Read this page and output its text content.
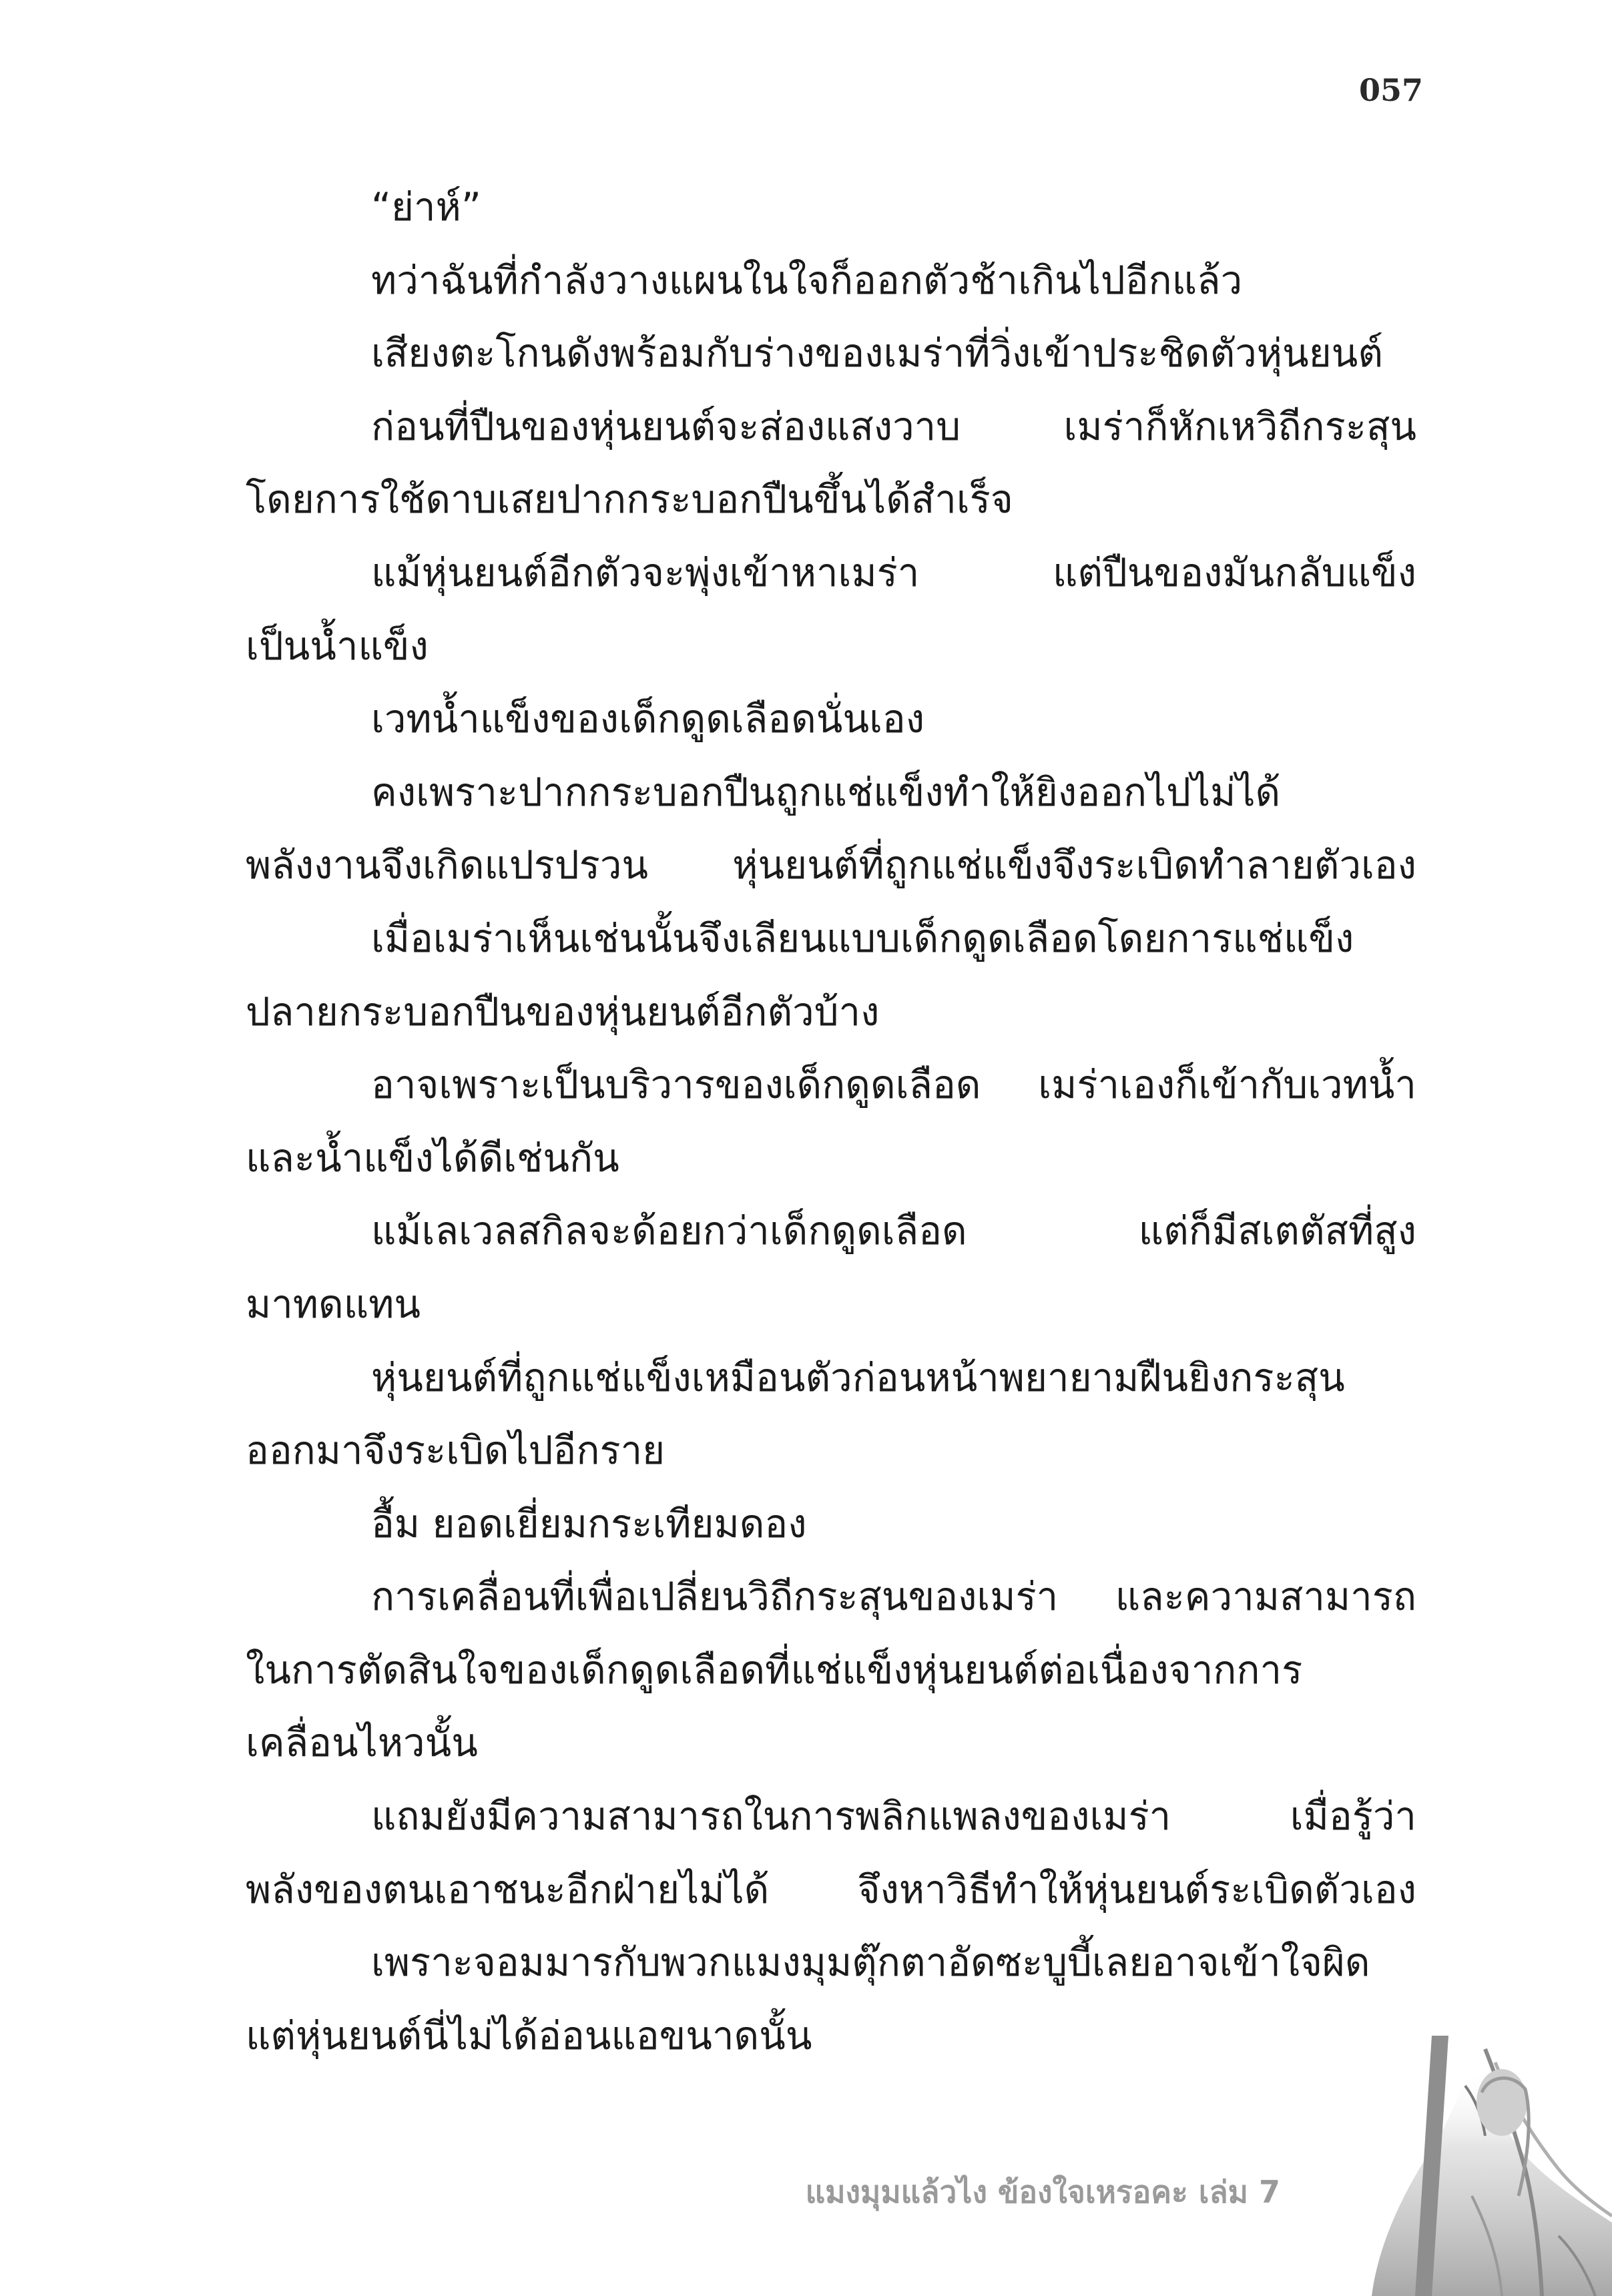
057
“ย่าห์”
ทว่าฉันที่กำลังวางแผนในใจก็ออกตัวช้าเกินไปอีกแล้ว
เสียงตะโกนดังพร้อมกับร่างของเมร่าที่วิ่งเข้าประชิดตัวหุ่นยนต์
ก่อนที่ปืนของหุ่นยนต์จะส่องแสงวาบ เมร่าก็หักเหวิถีกระสุน
โดยการใช้ดาบเสยปากกระบอกปืนขึ้นได้สำเร็จ
แม้หุ่นยนต์อีกตัวจะพุ่งเข้าหาเมร่า แต่ปืนของมันกลับแข็ง
เป็นน้ำแข็ง
เวทน้ำแข็งของเด็กดูดเลือดนั่นเอง
คงเพราะปากกระบอกปืนถูกแช่แข็งทำให้ยิงออกไปไม่ได้
พลังงานจึงเกิดแปรปรวน หุ่นยนต์ที่ถูกแช่แข็งจึงระเบิดทำลายตัวเอง
เมื่อเมร่าเห็นเช่นนั้นจึงเลียนแบบเด็กดูดเลือดโดยการแช่แข็ง
ปลายกระบอกปืนของหุ่นยนต์อีกตัวบ้าง
อาจเพราะเป็นบริวารของเด็กดูดเลือด เมร่าเองก็เข้ากับเวทน้ำ
และน้ำแข็งได้ดีเช่นกัน
แม้เลเวลสกิลจะด้อยกว่าเด็กดูดเลือด แต่ก็มีสเตตัสที่สูง
มาทดแทน
หุ่นยนต์ที่ถูกแช่แข็งเหมือนตัวก่อนหน้าพยายามฝืนยิงกระสุน
ออกมาจึงระเบิดไปอีกราย
อื้ม ยอดเยี่ยมกระเทียมดอง
การเคลื่อนที่เพื่อเปลี่ยนวิถีกระสุนของเมร่า และความสามารถ
ในการตัดสินใจของเด็กดูดเลือดที่แช่แข็งหุ่นยนต์ต่อเนื่องจากการ
เคลื่อนไหวนั้น
แถมยังมีความสามารถในการพลิกแพลงของเมร่า เมื่อรู้ว่า
พลังของตนเอาชนะอีกฝ่ายไม่ได้ จึงหาวิธีทำให้หุ่นยนต์ระเบิดตัวเอง
เพราะจอมมารกับพวกแมงมุมตุ๊กตาอัดซะบูบี้เลยอาจเข้าใจผิด
แต่หุ่นยนต์นี่ไม่ได้อ่อนแอขนาดนั้น
แมงมุมแล้วไง ข้องใจเหรอคะ เล่ม 7
